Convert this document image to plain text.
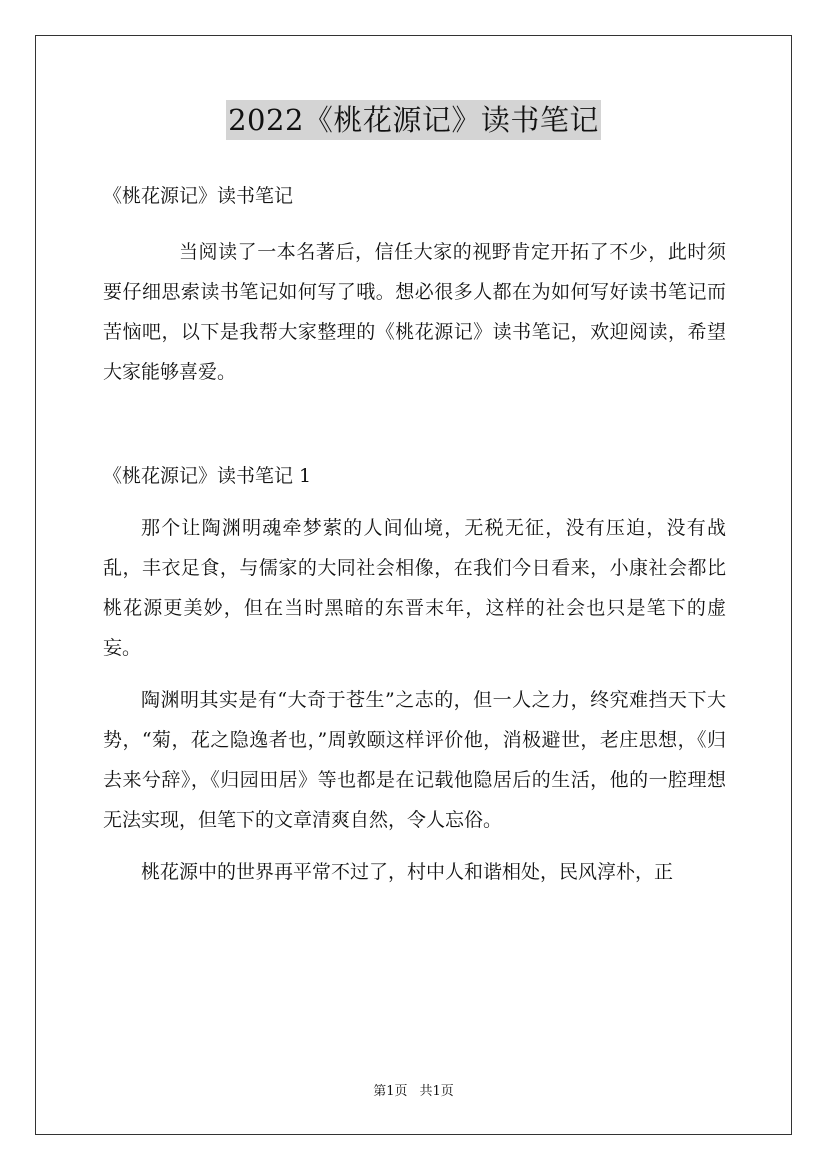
2022《桃花源记》读书笔记

《桃花源记》读书笔记

当阅读了一本名著后，信任大家的视野肯定开拓了不少，此时须要仔细思索读书笔记如何写了哦。想必很多人都在为如何写好读书笔记而苦恼吧，以下是我帮大家整理的《桃花源记》读书笔记，欢迎阅读，希望大家能够喜爱。

《桃花源记》读书笔记 1

那个让陶渊明魂牵梦萦的人间仙境，无税无征，没有压迫，没有战乱，丰衣足食，与儒家的大同社会相像，在我们今日看来，小康社会都比桃花源更美妙，但在当时黑暗的东晋末年，这样的社会也只是笔下的虚妄。

陶渊明其实是有“大奇于苍生”之志的，但一人之力，终究难挡天下大势，“菊，花之隐逸者也，”周敦颐这样评价他，消极避世，老庄思想，《归去来兮辞》，《归园田居》等也都是在记载他隐居后的生活，他的一腔理想无法实现，但笔下的文章清爽自然，令人忘俗。

桃花源中的世界再平常不过了，村中人和谐相处，民风淳朴，正

第1页 共1页
